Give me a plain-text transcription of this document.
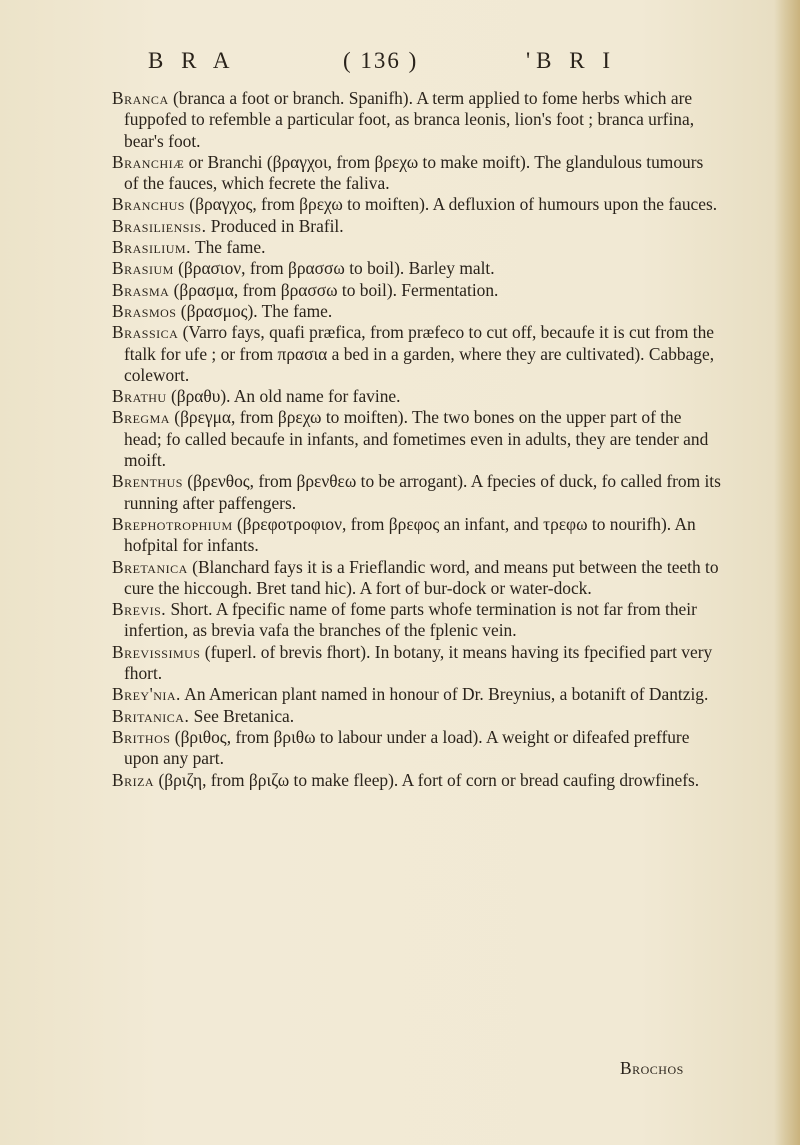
B R A	( 136 )	'B R I

Branca (branca a foot or branch. Spanifh). A term applied to fome herbs which are fuppofed to refemble a particular foot, as branca leonis, lion's foot ; branca urfina, bear's foot.

Branchiæ or Branchi (βραγχοι, from βρεχω to make moift). The glandulous tumours of the fauces, which fecrete the faliva.

Branchus (βραγχος, from βρεχω to moiften). A defluxion of humours upon the fauces.

Brasiliensis. Produced in Brafil.

Brasilium. The fame.

Brasium (βρασιον, from βρασσω to boil). Barley malt.

Brasma (βρασμα, from βρασσω to boil). Fermentation.

Brasmos (βρασμος). The fame.

Brassica (Varro fays, quafi præfica, from præfeco to cut off, becaufe it is cut from the ftalk for ufe ; or from πρασια a bed in a garden, where they are cultivated). Cabbage, colewort.

Brathu (βραθυ). An old name for favine.

Bregma (βρεγμα, from βρεχω to moiften). The two bones on the upper part of the head; fo called becaufe in infants, and fometimes even in adults, they are tender and moift.

Brenthus (βρενθος, from βρενθεω to be arrogant). A fpecies of duck, fo called from its running after paffengers.

Brephotrophium (βρεφοτροφιον, from βρεφος an infant, and τρεφω to nourifh). An hofpital for infants.

Bretanica (Blanchard fays it is a Frieflandic word, and means put between the teeth to cure the hiccough. Bret tand hic). A fort of bur-dock or water-dock.

Brevis. Short. A fpecific name of fome parts whofe termination is not far from their infertion, as brevia vafa the branches of the fplenic vein.

Brevissimus (fuperl. of brevis fhort). In botany, it means having its fpecified part very fhort.

Brey'nia. An American plant named in honour of Dr. Breynius, a botanift of Dantzig.

Britanica. See Bretanica.

Brithos (βριθος, from βριθω to labour under a load). A weight or difeafed preffure upon any part.

Briza (βριζη, from βριζω to make fleep). A fort of corn or bread caufing drowfinefs.

Brochos
